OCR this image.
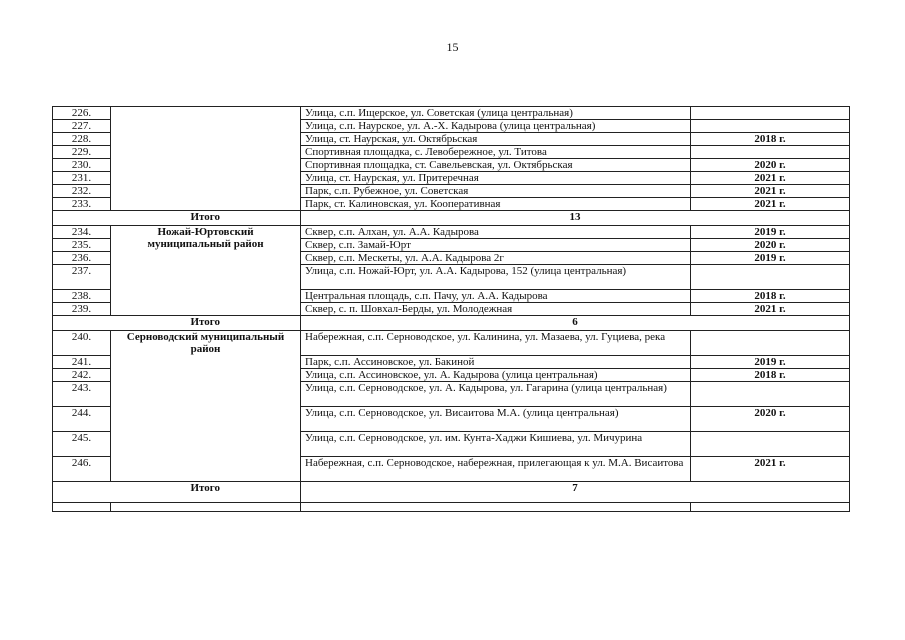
15
226.		Улица, с.п. Ищерское, ул. Советская (улица центральная)	
227.		Улица, с.п. Наурское, ул. А.-Х. Кадырова (улица центральная)	
228.		Улица, ст. Наурская, ул. Октябрьская	2018 г.
229.		Спортивная площадка, с. Левобережное, ул. Титова	
230.		Спортивная площадка, ст. Савельевская, ул. Октябрьская	2020 г.
231.		Улица, ст. Наурская, ул. Притеречная	2021 г.
232.		Парк, с.п. Рубежное, ул. Советская	2021 г.
233.		Парк, ст. Калиновская, ул. Кооперативная	2021 г.
	Итого	13	
234.	Ножай-Юртовский муниципальный район	Сквер, с.п. Алхан, ул. А.А. Кадырова	2019 г.
235.		Сквер, с.п. Замай-Юрт	2020 г.
236.		Сквер, с.п. Мескеты, ул. А.А. Кадырова 2г	2019 г.
237.		Улица, с.п. Ножай-Юрт, ул. А.А. Кадырова, 152 (улица центральная)	
238.		Центральная площадь, с.п. Пачу, ул. А.А. Кадырова	2018 г.
239.		Сквер, с. п. Шовхал-Берды, ул. Молодежная	2021 г.
	Итого	6	
240.	Серноводский муниципальный район	Набережная, с.п. Серноводское, ул. Калинина, ул. Мазаева, ул. Гуциева, река	
241.		Парк, с.п. Ассиновское, ул. Бакиной	2019 г.
242.		Улица, с.п. Ассиновское, ул. А. Кадырова (улица центральная)	2018 г.
243.		Улица, с.п. Серноводское, ул. А. Кадырова, ул. Гагарина (улица центральная)	
244.		Улица, с.п. Серноводское, ул. Висаитова М.А. (улица центральная)	2020 г.
245.		Улица, с.п. Серноводское, ул. им. Кунта-Хаджи Кишиева, ул. Мичурина	
246.		Набережная, с.п. Серноводское, набережная, прилегающая к ул. М.А. Висаитова	2021 г.
	Итого	7	
